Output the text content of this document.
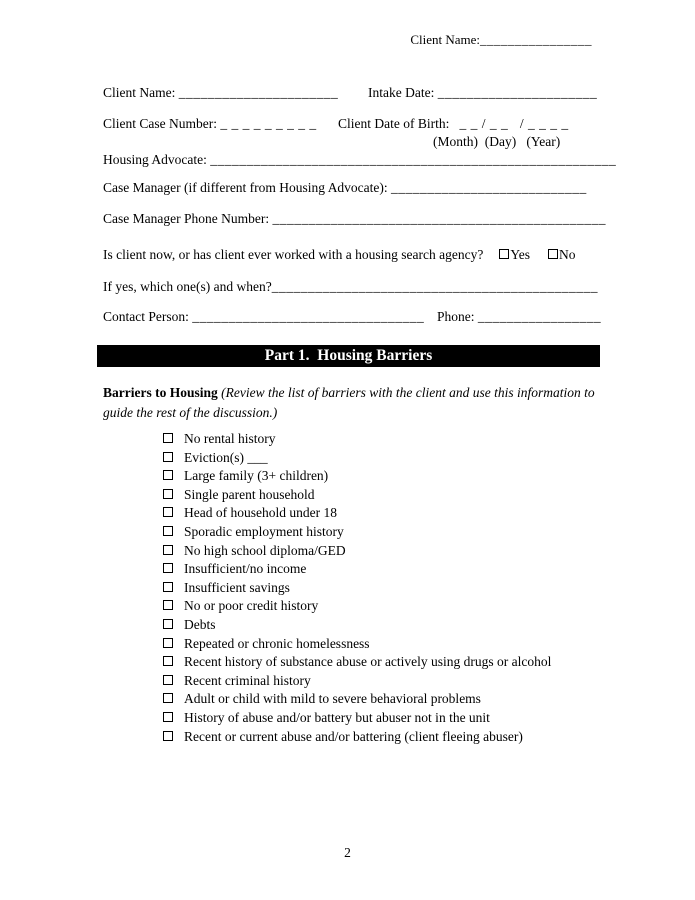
Client Name:________________
Client Name: ______________________ Intake Date: ______________________
Client Case Number: _ _ _ _ _ _ _ _ _ Client Date of Birth: _ _ / _ _   / _ _ _ _
(Month)  (Day)   (Year)
Housing Advocate: ________________________________________________________
Case Manager (if different from Housing Advocate): ___________________________
Case Manager Phone Number: ______________________________________________
Is client now, or has client ever worked with a housing search agency? Yes No
If yes, which one(s) and when?_____________________________________________
Contact Person: ________________________________ Phone: _________________
Part 1.  Housing Barriers
Barriers to Housing (Review the list of barriers with the client and use this information to guide the rest of the discussion.)
No rental history
Eviction(s) ___
Large family (3+ children)
Single parent household
Head of household under 18
Sporadic employment history
No high school diploma/GED
Insufficient/no income
Insufficient savings
No or poor credit history
Debts
Repeated or chronic homelessness
Recent history of substance abuse or actively using drugs or alcohol
Recent criminal history
Adult or child with mild to severe behavioral problems
History of abuse and/or battery but abuser not in the unit
Recent or current abuse and/or battering (client fleeing abuser)
2
